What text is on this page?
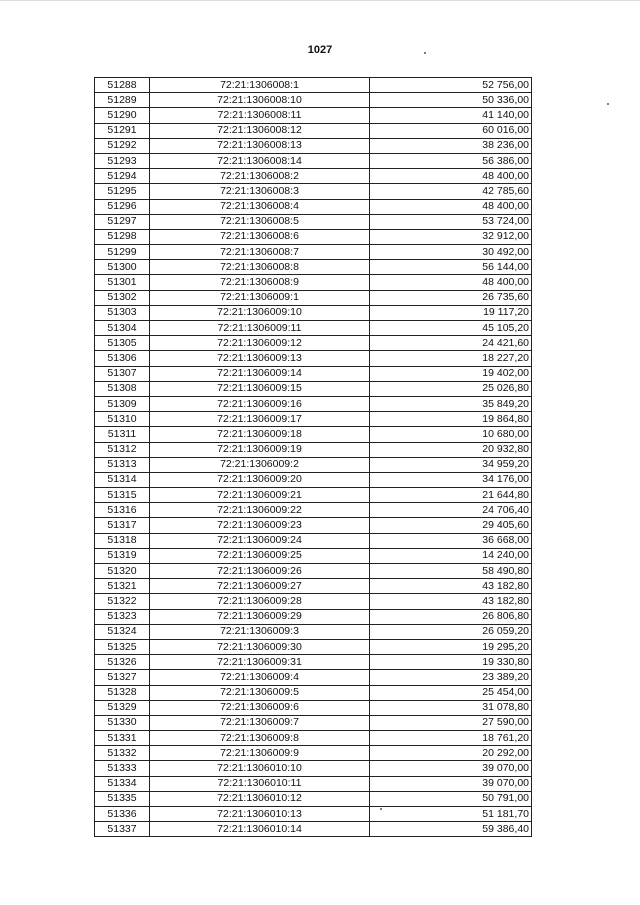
1027
51288	72:21:1306008:1	52 756,00
51289	72:21:1306008:10	50 336,00
51290	72:21:1306008:11	41 140,00
51291	72:21:1306008:12	60 016,00
51292	72:21:1306008:13	38 236,00
51293	72:21:1306008:14	56 386,00
51294	72:21:1306008:2	48 400,00
51295	72:21:1306008:3	42 785,60
51296	72:21:1306008:4	48 400,00
51297	72:21:1306008:5	53 724,00
51298	72:21:1306008:6	32 912,00
51299	72:21:1306008:7	30 492,00
51300	72:21:1306008:8	56 144,00
51301	72:21:1306008:9	48 400,00
51302	72:21:1306009:1	26 735,60
51303	72:21:1306009:10	19 117,20
51304	72:21:1306009:11	45 105,20
51305	72:21:1306009:12	24 421,60
51306	72:21:1306009:13	18 227,20
51307	72:21:1306009:14	19 402,00
51308	72:21:1306009:15	25 026,80
51309	72:21:1306009:16	35 849,20
51310	72:21:1306009:17	19 864,80
51311	72:21:1306009:18	10 680,00
51312	72:21:1306009:19	20 932,80
51313	72:21:1306009:2	34 959,20
51314	72:21:1306009:20	34 176,00
51315	72:21:1306009:21	21 644,80
51316	72:21:1306009:22	24 706,40
51317	72:21:1306009:23	29 405,60
51318	72:21:1306009:24	36 668,00
51319	72:21:1306009:25	14 240,00
51320	72:21:1306009:26	58 490,80
51321	72:21:1306009:27	43 182,80
51322	72:21:1306009:28	43 182,80
51323	72:21:1306009:29	26 806,80
51324	72:21:1306009:3	26 059,20
51325	72:21:1306009:30	19 295,20
51326	72:21:1306009:31	19 330,80
51327	72:21:1306009:4	23 389,20
51328	72:21:1306009:5	25 454,00
51329	72:21:1306009:6	31 078,80
51330	72:21:1306009:7	27 590,00
51331	72:21:1306009:8	18 761,20
51332	72:21:1306009:9	20 292,00
51333	72:21:1306010:10	39 070,00
51334	72:21:1306010:11	39 070,00
51335	72:21:1306010:12	50 791,00
51336	72:21:1306010:13	51 181,70
51337	72:21:1306010:14	59 386,40
